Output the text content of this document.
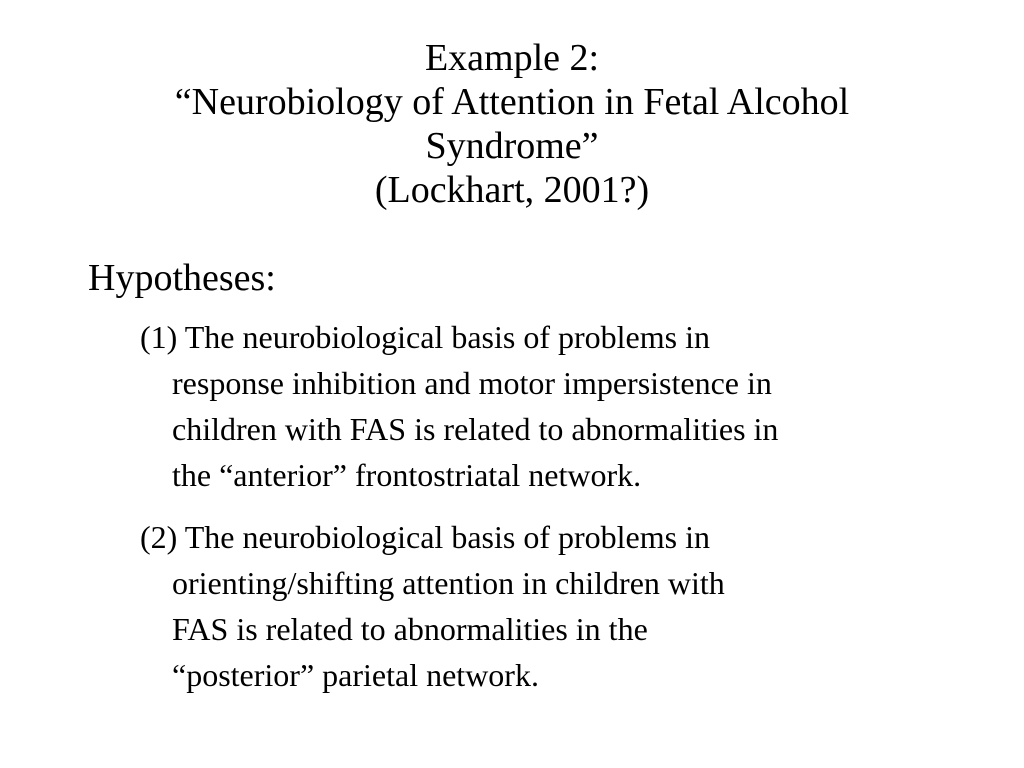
Example 2:
“Neurobiology of Attention in Fetal Alcohol
Syndrome”
(Lockhart, 2001?)
Hypotheses:
(1) The neurobiological basis of problems in
response inhibition and motor impersistence in
children with FAS is related to abnormalities in
the “anterior” frontostriatal network.
(2) The neurobiological basis of problems in
orienting/shifting attention in children with
FAS is related to abnormalities in the
“posterior” parietal network.
